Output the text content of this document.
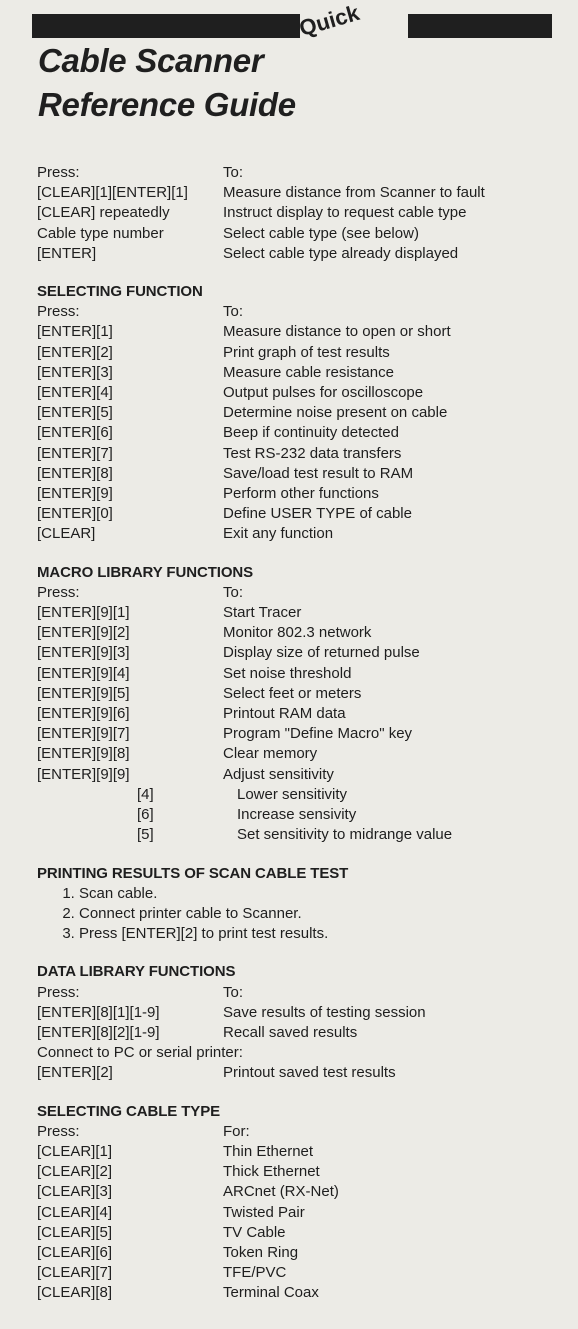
Cable Scanner
Quick
Reference Guide
Press:	To:
[CLEAR][1][ENTER][1]	Measure distance from Scanner to fault
[CLEAR] repeatedly	Instruct display to request cable type
Cable type number	Select cable type (see below)
[ENTER]	Select cable type already displayed
SELECTING FUNCTION
Press:	To:
[ENTER][1]	Measure distance to open or short
[ENTER][2]	Print graph of test results
[ENTER][3]	Measure cable resistance
[ENTER][4]	Output pulses for oscilloscope
[ENTER][5]	Determine noise present on cable
[ENTER][6]	Beep if continuity detected
[ENTER][7]	Test RS-232 data transfers
[ENTER][8]	Save/load test result to RAM
[ENTER][9]	Perform other functions
[ENTER][0]	Define USER TYPE of cable
[CLEAR]	Exit any function
MACRO LIBRARY FUNCTIONS
Press:	To:
[ENTER][9][1]	Start Tracer
[ENTER][9][2]	Monitor 802.3 network
[ENTER][9][3]	Display size of returned pulse
[ENTER][9][4]	Set noise threshold
[ENTER][9][5]	Select feet or meters
[ENTER][9][6]	Printout RAM data
[ENTER][9][7]	Program "Define Macro" key
[ENTER][9][8]	Clear memory
[ENTER][9][9]	Adjust sensitivity
[4]	Lower sensitivity
[6]	Increase sensivity
[5]	Set sensitivity to midrange value
PRINTING RESULTS OF SCAN CABLE TEST
1. Scan cable.
2. Connect printer cable to Scanner.
3. Press [ENTER][2] to print test results.
DATA LIBRARY FUNCTIONS
Press:	To:
[ENTER][8][1][1-9]	Save results of testing session
[ENTER][8][2][1-9]	Recall saved results
Connect to PC or serial printer:
[ENTER][2]	Printout saved test results
SELECTING CABLE TYPE
Press:	For:
[CLEAR][1]	Thin Ethernet
[CLEAR][2]	Thick Ethernet
[CLEAR][3]	ARCnet (RX-Net)
[CLEAR][4]	Twisted Pair
[CLEAR][5]	TV Cable
[CLEAR][6]	Token Ring
[CLEAR][7]	TFE/PVC
[CLEAR][8]	Terminal Coax
